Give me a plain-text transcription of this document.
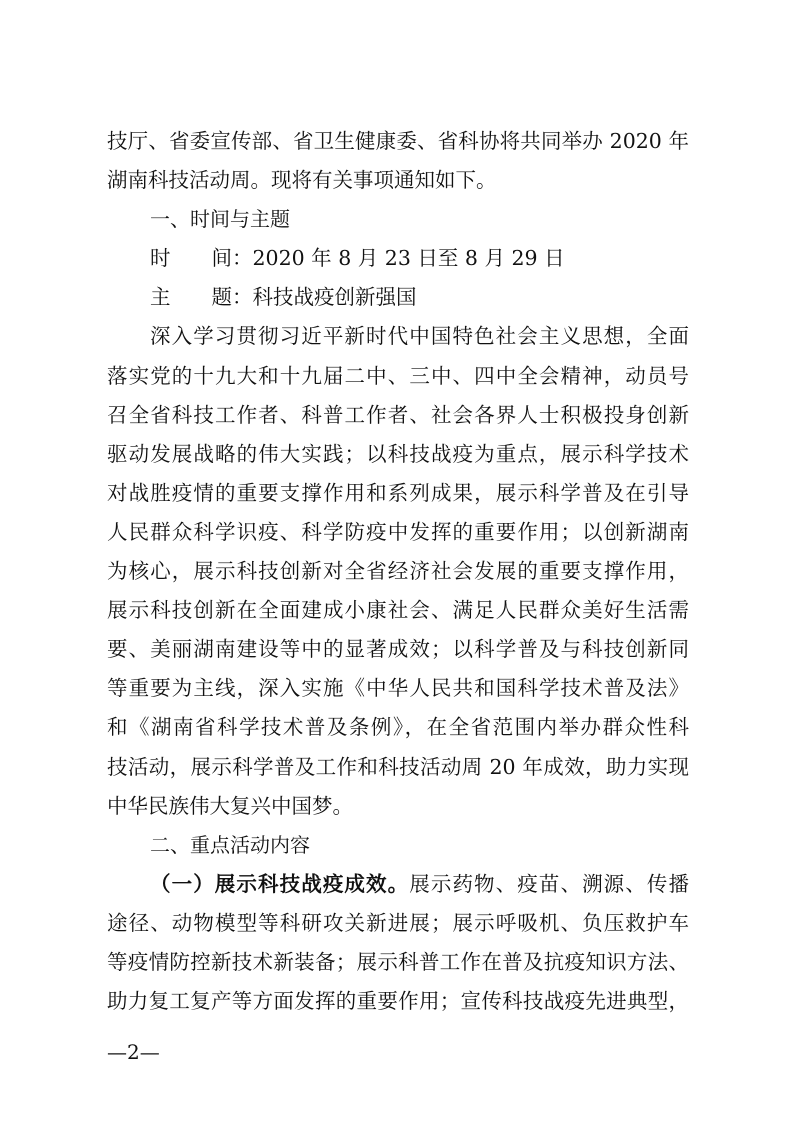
技厅、省委宣传部、省卫生健康委、省科协将共同举办 2020 年
湖南科技活动周。现将有关事项通知如下。
一、时间与主题
时　　间：2020 年 8 月 23 日至 8 月 29 日
主　　题：科技战疫创新强国
深入学习贯彻习近平新时代中国特色社会主义思想，全面
落实党的十九大和十九届二中、三中、四中全会精神，动员号
召全省科技工作者、科普工作者、社会各界人士积极投身创新
驱动发展战略的伟大实践；以科技战疫为重点，展示科学技术
对战胜疫情的重要支撑作用和系列成果，展示科学普及在引导
人民群众科学识疫、科学防疫中发挥的重要作用；以创新湖南
为核心，展示科技创新对全省经济社会发展的重要支撑作用，
展示科技创新在全面建成小康社会、满足人民群众美好生活需
要、美丽湖南建设等中的显著成效；以科学普及与科技创新同
等重要为主线，深入实施《中华人民共和国科学技术普及法》
和《湖南省科学技术普及条例》，在全省范围内举办群众性科
技活动，展示科学普及工作和科技活动周 20 年成效，助力实现
中华民族伟大复兴中国梦。
二、重点活动内容
（一）展示科技战疫成效。展示药物、疫苗、溯源、传播
途径、动物模型等科研攻关新进展；展示呼吸机、负压救护车
等疫情防控新技术新装备；展示科普工作在普及抗疫知识方法、
助力复工复产等方面发挥的重要作用；宣传科技战疫先进典型，
—2—
